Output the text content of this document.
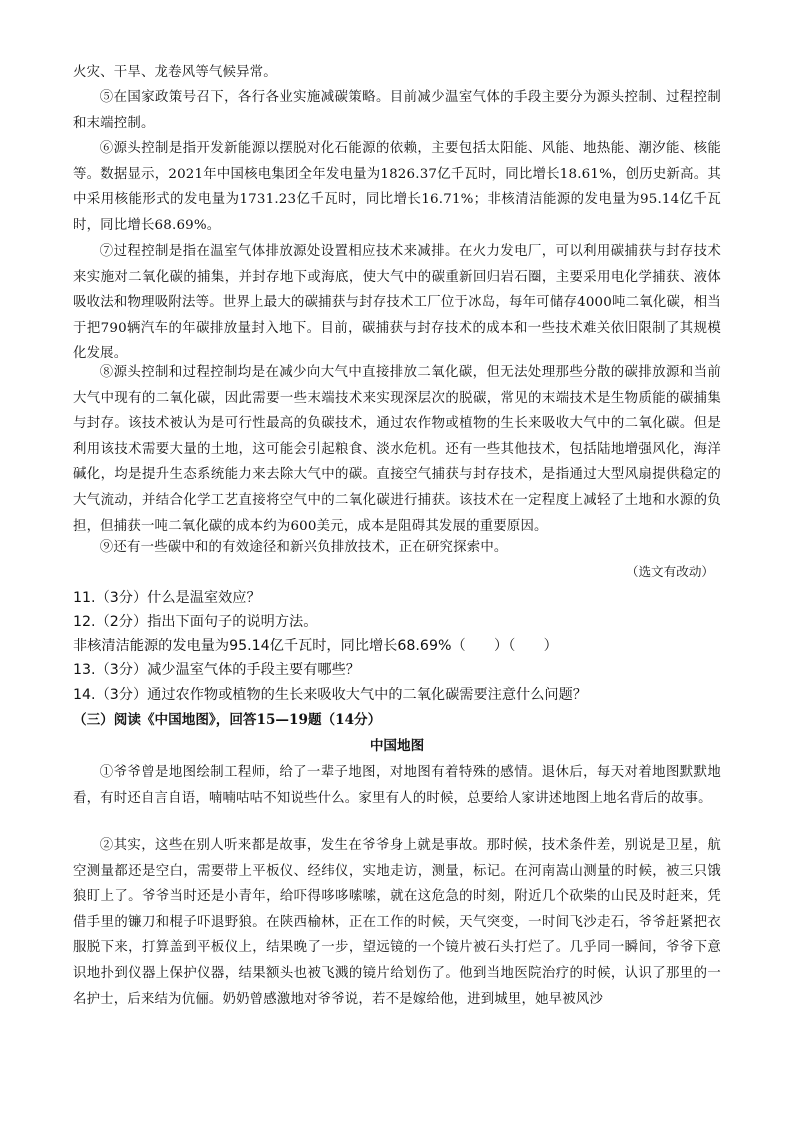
火灾、干旱、龙卷风等气候异常。
⑤在国家政策号召下，各行各业实施减碳策略。目前减少温室气体的手段主要分为源头控制、过程控制和末端控制。
⑥源头控制是指开发新能源以摆脱对化石能源的依赖，主要包括太阳能、风能、地热能、潮汐能、核能等。数据显示，2021年中国核电集团全年发电量为1826.37亿千瓦时，同比增长18.61%，创历史新高。其中采用核能形式的发电量为1731.23亿千瓦时，同比增长16.71%；非核清洁能源的发电量为95.14亿千瓦时，同比增长68.69%。
⑦过程控制是指在温室气体排放源处设置相应技术来减排。在火力发电厂，可以利用碳捕获与封存技术来实施对二氧化碳的捕集，并封存地下或海底，使大气中的碳重新回归岩石圈，主要采用电化学捕获、液体吸收法和物理吸附法等。世界上最大的碳捕获与封存技术工厂位于冰岛，每年可储存4000吨二氧化碳，相当于把790辆汽车的年碳排放量封入地下。目前，碳捕获与封存技术的成本和一些技术难关依旧限制了其规模化发展。
⑧源头控制和过程控制均是在减少向大气中直接排放二氧化碳，但无法处理那些分散的碳排放源和当前大气中现有的二氧化碳，因此需要一些末端技术来实现深层次的脱碳，常见的末端技术是生物质能的碳捕集与封存。该技术被认为是可行性最高的负碳技术，通过农作物或植物的生长来吸收大气中的二氧化碳。但是利用该技术需要大量的土地，这可能会引起粮食、淡水危机。还有一些其他技术，包括陆地增强风化，海洋碱化，均是提升生态系统能力来去除大气中的碳。直接空气捕获与封存技术，是指通过大型风扇提供稳定的大气流动，并结合化学工艺直接将空气中的二氧化碳进行捕获。该技术在一定程度上减轻了土地和水源的负担，但捕获一吨二氧化碳的成本约为600美元，成本是阻碍其发展的重要原因。
⑨还有一些碳中和的有效途径和新兴负排放技术，正在研究探索中。
（选文有改动）
11.（3分）什么是温室效应？
12.（2分）指出下面句子的说明方法。
非核清洁能源的发电量为95.14亿千瓦时，同比增长68.69%（　　）（　　）
13.（3分）减少温室气体的手段主要有哪些？
14.（3分）通过农作物或植物的生长来吸收大气中的二氧化碳需要注意什么问题？
（三）阅读《中国地图》，回答15—19题（14分）
中国地图
①爷爷曾是地图绘制工程师，给了一辈子地图，对地图有着特殊的感情。退休后，每天对着地图默默地看，有时还自言自语，喃喃咕咕不知说些什么。家里有人的时候，总要给人家讲述地图上地名背后的故事。
②其实，这些在别人听来都是故事，发生在爷爷身上就是事故。那时候，技术条件差，别说是卫星，航空测量都还是空白，需要带上平板仪、经纬仪，实地走访，测量，标记。在河南嵩山测量的时候，被三只饿狼盯上了。爷爷当时还是小青年，给吓得哆哆嗦嗦，就在这危急的时刻，附近几个砍柴的山民及时赶来，凭借手里的镰刀和棍子吓退野狼。在陕西榆林，正在工作的时候，天气突变，一时间飞沙走石，爷爷赶紧把衣服脱下来，打算盖到平板仪上，结果晚了一步，望远镜的一个镜片被石头打烂了。几乎同一瞬间，爷爷下意识地扑到仪器上保护仪器，结果额头也被飞溅的镜片给划伤了。他到当地医院治疗的时候，认识了那里的一名护士，后来结为伉俪。奶奶曾感激地对爷爷说，若不是嫁给他，进到城里，她早被风沙
